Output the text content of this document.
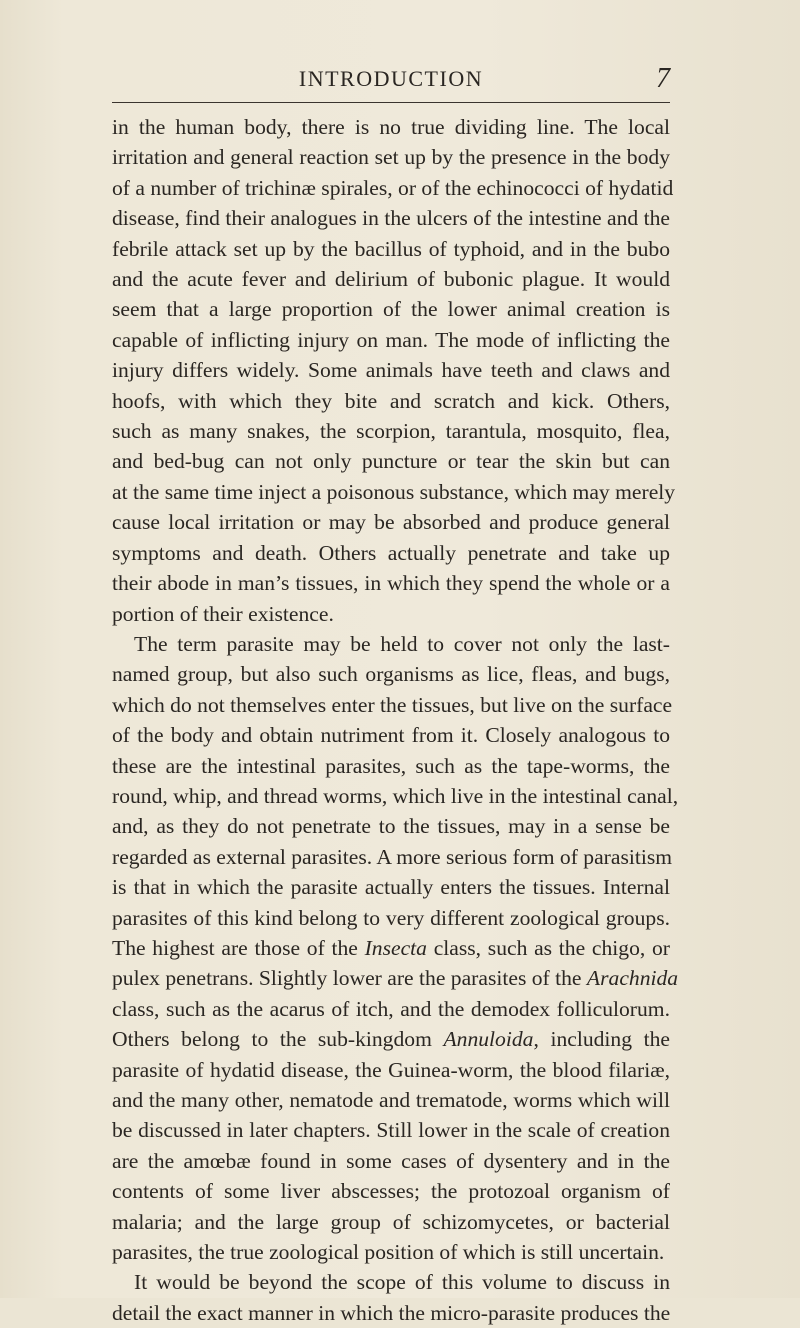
INTRODUCTION	7

in the human body, there is no true dividing line. The local
irritation and general reaction set up by the presence in the body
of a number of trichinæ spirales, or of the echinococci of hydatid
disease, find their analogues in the ulcers of the intestine and the
febrile attack set up by the bacillus of typhoid, and in the bubo
and the acute fever and delirium of bubonic plague. It would
seem that a large proportion of the lower animal creation is
capable of inflicting injury on man. The mode of inflicting the
injury differs widely. Some animals have teeth and claws and
hoofs, with which they bite and scratch and kick. Others,
such as many snakes, the scorpion, tarantula, mosquito, flea,
and bed-bug can not only puncture or tear the skin but can
at the same time inject a poisonous substance, which may merely
cause local irritation or may be absorbed and produce general
symptoms and death. Others actually penetrate and take up
their abode in man’s tissues, in which they spend the whole or a
portion of their existence.

The term parasite may be held to cover not only the last-
named group, but also such organisms as lice, fleas, and bugs,
which do not themselves enter the tissues, but live on the surface
of the body and obtain nutriment from it. Closely analogous to
these are the intestinal parasites, such as the tape-worms, the
round, whip, and thread worms, which live in the intestinal canal,
and, as they do not penetrate to the tissues, may in a sense be
regarded as external parasites. A more serious form of parasitism
is that in which the parasite actually enters the tissues. Internal
parasites of this kind belong to very different zoological groups.
The highest are those of the Insecta class, such as the chigo, or
pulex penetrans. Slightly lower are the parasites of the Arachnida
class, such as the acarus of itch, and the demodex folliculorum.
Others belong to the sub-kingdom Annuloida, including the
parasite of hydatid disease, the Guinea-worm, the blood filariæ,
and the many other, nematode and trematode, worms which will
be discussed in later chapters. Still lower in the scale of creation
are the amœbæ found in some cases of dysentery and in the
contents of some liver abscesses; the protozoal organism of
malaria; and the large group of schizomycetes, or bacterial
parasites, the true zoological position of which is still uncertain.

It would be beyond the scope of this volume to discuss in
detail the exact manner in which the micro-parasite produces the
